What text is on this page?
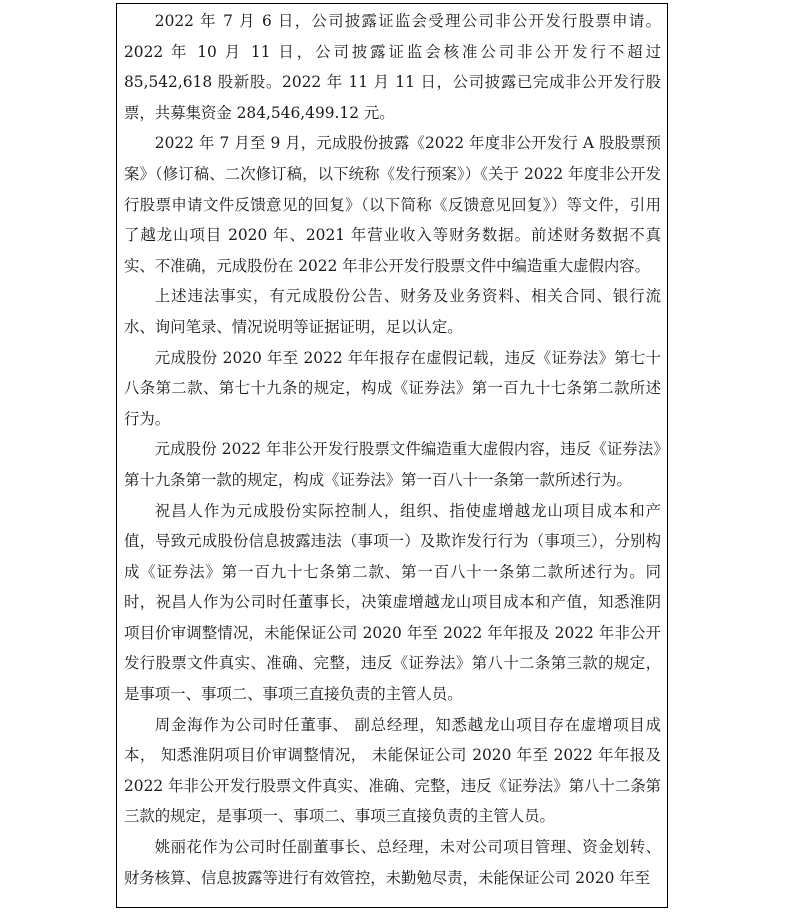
2022 年 7 月 6 日，公司披露证监会受理公司非公开发行股票申请。2022 年 10 月 11 日，公司披露证监会核准公司非公开发行不超过 85,542,618 股新股。2022 年 11 月 11 日，公司披露已完成非公开发行股票，共募集资金 284,546,499.12 元。

2022 年 7 月至 9 月，元成股份披露《2022 年度非公开发行 A 股股票预案》（修订稿、二次修订稿，以下统称《发行预案》）《关于 2022 年度非公开发行股票申请文件反馈意见的回复》（以下简称《反馈意见回复》）等文件，引用了越龙山项目 2020 年、2021 年营业收入等财务数据。前述财务数据不真实、不准确，元成股份在 2022 年非公开发行股票文件中编造重大虚假内容。

上述违法事实，有元成股份公告、财务及业务资料、相关合同、银行流水、询问笔录、情况说明等证据证明，足以认定。

元成股份 2020 年至 2022 年年报存在虚假记载，违反《证券法》第七十八条第二款、第七十九条的规定，构成《证券法》第一百九十七条第二款所述行为。

元成股份 2022 年非公开发行股票文件编造重大虚假内容，违反《证券法》第十九条第一款的规定，构成《证券法》第一百八十一条第一款所述行为。

祝昌人作为元成股份实际控制人，组织、指使虚增越龙山项目成本和产值，导致元成股份信息披露违法（事项一）及欺诈发行行为（事项三），分别构成《证券法》第一百九十七条第二款、第一百八十一条第二款所述行为。同时，祝昌人作为公司时任董事长，决策虚增越龙山项目成本和产值，知悉淮阴项目价审调整情况，未能保证公司 2020 年至 2022 年年报及 2022 年非公开发行股票文件真实、准确、完整，违反《证券法》第八十二条第三款的规定，是事项一、事项二、事项三直接负责的主管人员。

周金海作为公司时任董事、 副总经理，知悉越龙山项目存在虚增项目成本， 知悉淮阴项目价审调整情况， 未能保证公司 2020 年至 2022 年年报及 2022 年非公开发行股票文件真实、准确、完整，违反《证券法》第八十二条第三款的规定，是事项一、事项二、事项三直接负责的主管人员。

姚丽花作为公司时任副董事长、总经理，未对公司项目管理、资金划转、财务核算、信息披露等进行有效管控，未勤勉尽责，未能保证公司 2020 年至
